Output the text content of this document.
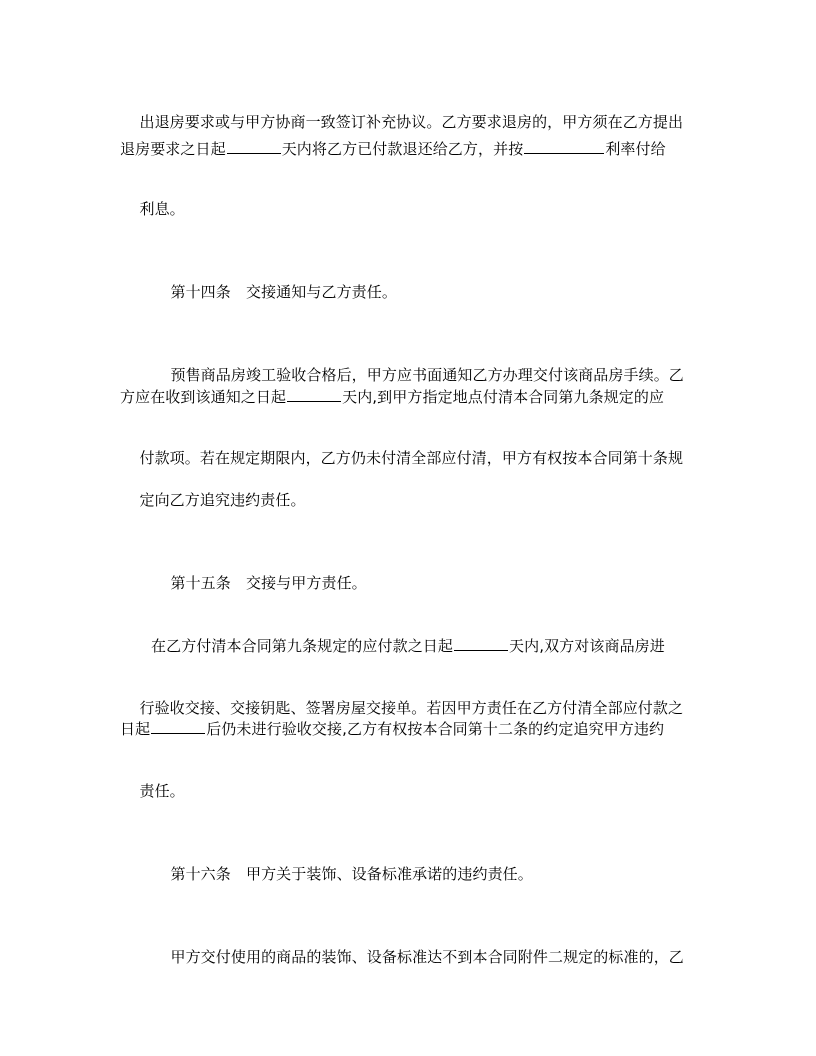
出退房要求或与甲方协商一致签订补充协议。乙方要求退房的，甲方须在乙方提出

退房要求之日起	天内将乙方已付款退还给乙方，并按	利率付给

利息。

第十四条　交接通知与乙方责任。

预售商品房竣工验收合格后，甲方应书面通知乙方办理交付该商品房手续。乙

方应在收到该通知之日起	天内,到甲方指定地点付清本合同第九条规定的应

付款项。若在规定期限内，乙方仍未付清全部应付清，甲方有权按本合同第十条规

定向乙方追究违约责任。

第十五条　交接与甲方责任。

在乙方付清本合同第九条规定的应付款之日起	天内,双方对该商品房进

行验收交接、交接钥匙、签署房屋交接单。若因甲方责任在乙方付清全部应付款之

日起	后仍未进行验收交接,乙方有权按本合同第十二条的约定追究甲方违约

责任。

第十六条　甲方关于装饰、设备标准承诺的违约责任。

甲方交付使用的商品的装饰、设备标准达不到本合同附件二规定的标准的，乙
